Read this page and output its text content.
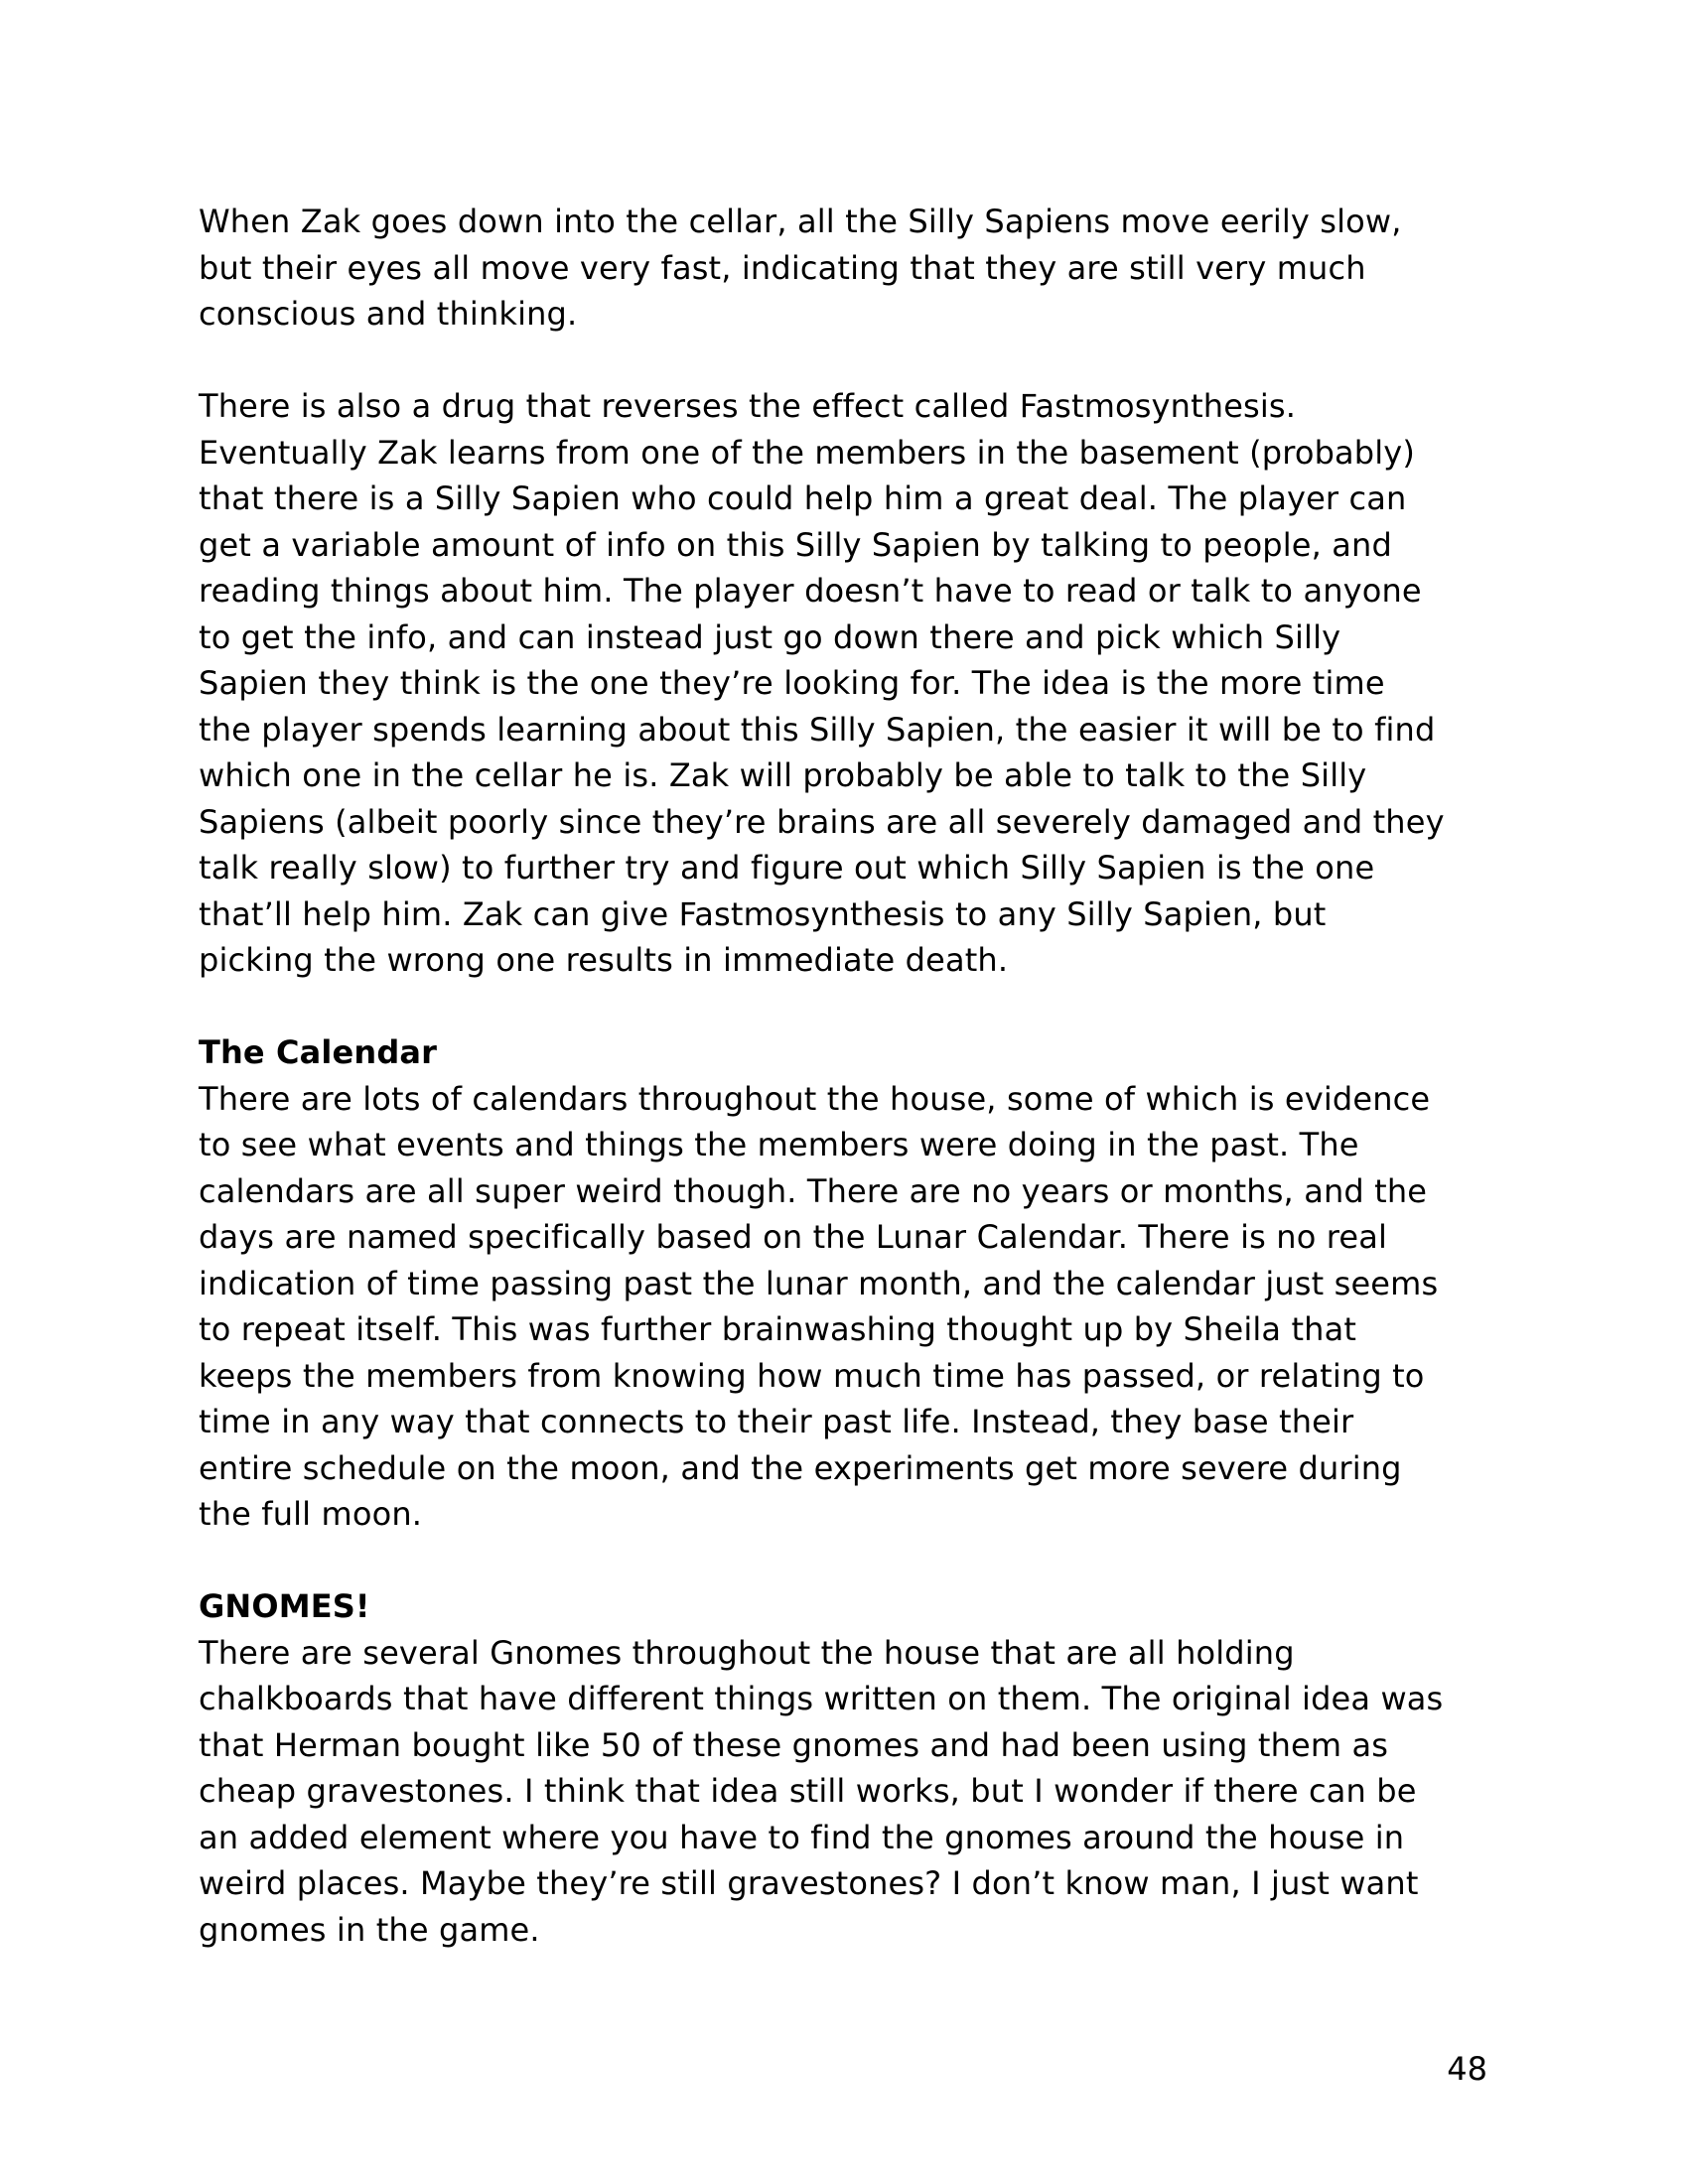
When Zak goes down into the cellar, all the Silly Sapiens move eerily slow,
but their eyes all move very fast, indicating that they are still very much
conscious and thinking.
There is also a drug that reverses the effect called Fastmosynthesis.
Eventually Zak learns from one of the members in the basement (probably)
that there is a Silly Sapien who could help him a great deal. The player can
get a variable amount of info on this Silly Sapien by talking to people, and
reading things about him. The player doesn’t have to read or talk to anyone
to get the info, and can instead just go down there and pick which Silly
Sapien they think is the one they’re looking for. The idea is the more time
the player spends learning about this Silly Sapien, the easier it will be to find
which one in the cellar he is. Zak will probably be able to talk to the Silly
Sapiens (albeit poorly since they’re brains are all severely damaged and they
talk really slow) to further try and figure out which Silly Sapien is the one
that’ll help him. Zak can give Fastmosynthesis to any Silly Sapien, but
picking the wrong one results in immediate death.
The Calendar
There are lots of calendars throughout the house, some of which is evidence
to see what events and things the members were doing in the past. The
calendars are all super weird though. There are no years or months, and the
days are named specifically based on the Lunar Calendar. There is no real
indication of time passing past the lunar month, and the calendar just seems
to repeat itself. This was further brainwashing thought up by Sheila that
keeps the members from knowing how much time has passed, or relating to
time in any way that connects to their past life. Instead, they base their
entire schedule on the moon, and the experiments get more severe during
the full moon.
GNOMES!
There are several Gnomes throughout the house that are all holding
chalkboards that have different things written on them. The original idea was
that Herman bought like 50 of these gnomes and had been using them as
cheap gravestones. I think that idea still works, but I wonder if there can be
an added element where you have to find the gnomes around the house in
weird places. Maybe they’re still gravestones? I don’t know man, I just want
gnomes in the game.
48
